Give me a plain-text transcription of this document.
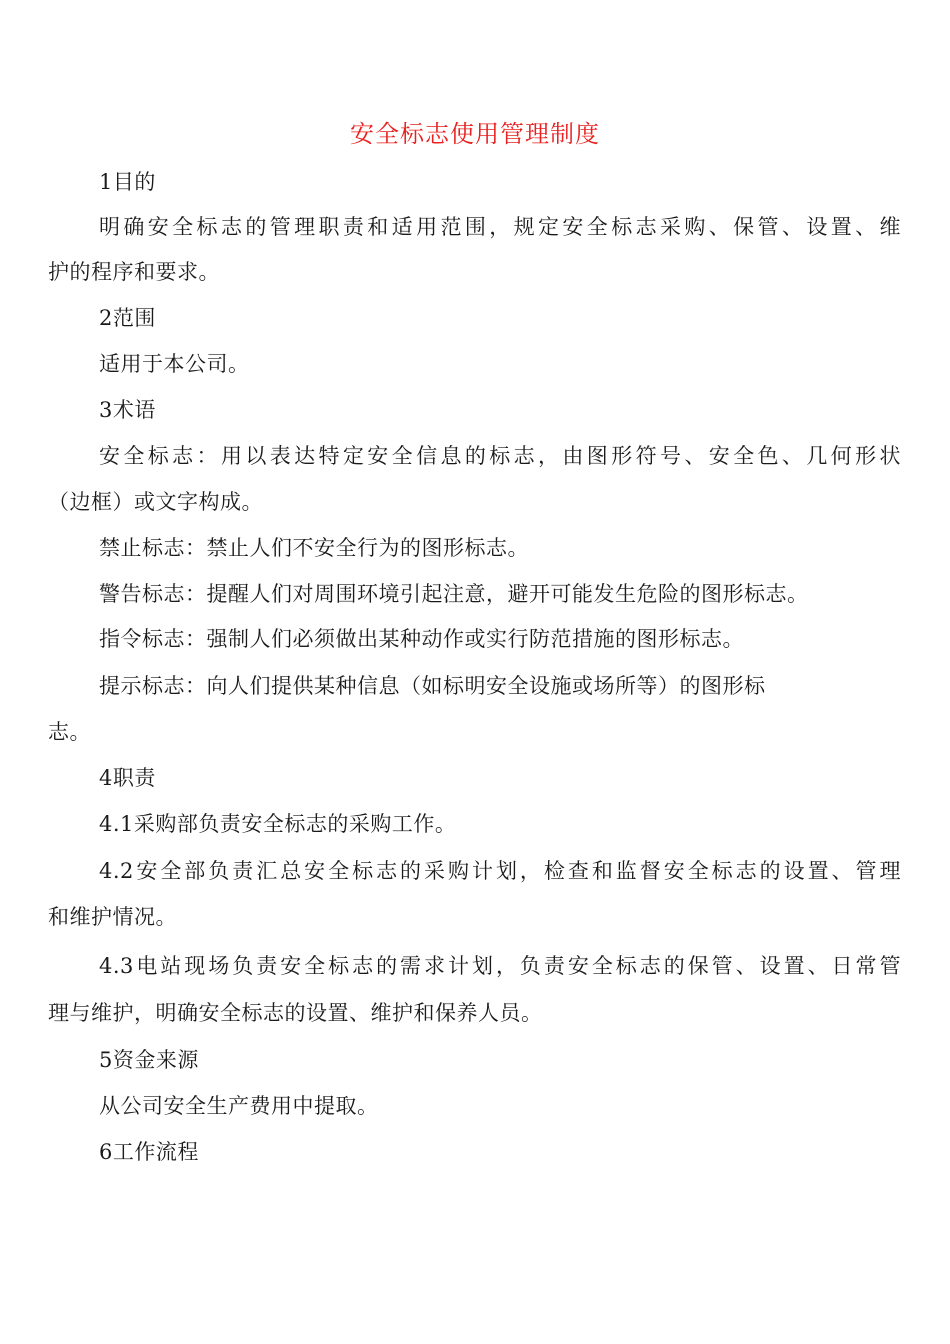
安全标志使用管理制度
1目的
明确安全标志的管理职责和适用范围，规定安全标志采购、保管、设置、维
护的程序和要求。
2范围
适用于本公司。
3术语
安全标志：用以表达特定安全信息的标志，由图形符号、安全色、几何形状
（边框）或文字构成。
禁止标志：禁止人们不安全行为的图形标志。
警告标志：提醒人们对周围环境引起注意，避开可能发生危险的图形标志。
指令标志：强制人们必须做出某种动作或实行防范措施的图形标志。
提示标志：向人们提供某种信息（如标明安全设施或场所等）的图形标
志。
4职责
4.1采购部负责安全标志的采购工作。
4.2安全部负责汇总安全标志的采购计划，检查和监督安全标志的设置、管理
和维护情况。
4.3电站现场负责安全标志的需求计划，负责安全标志的保管、设置、日常管
理与维护，明确安全标志的设置、维护和保养人员。
5资金来源
从公司安全生产费用中提取。
6工作流程
